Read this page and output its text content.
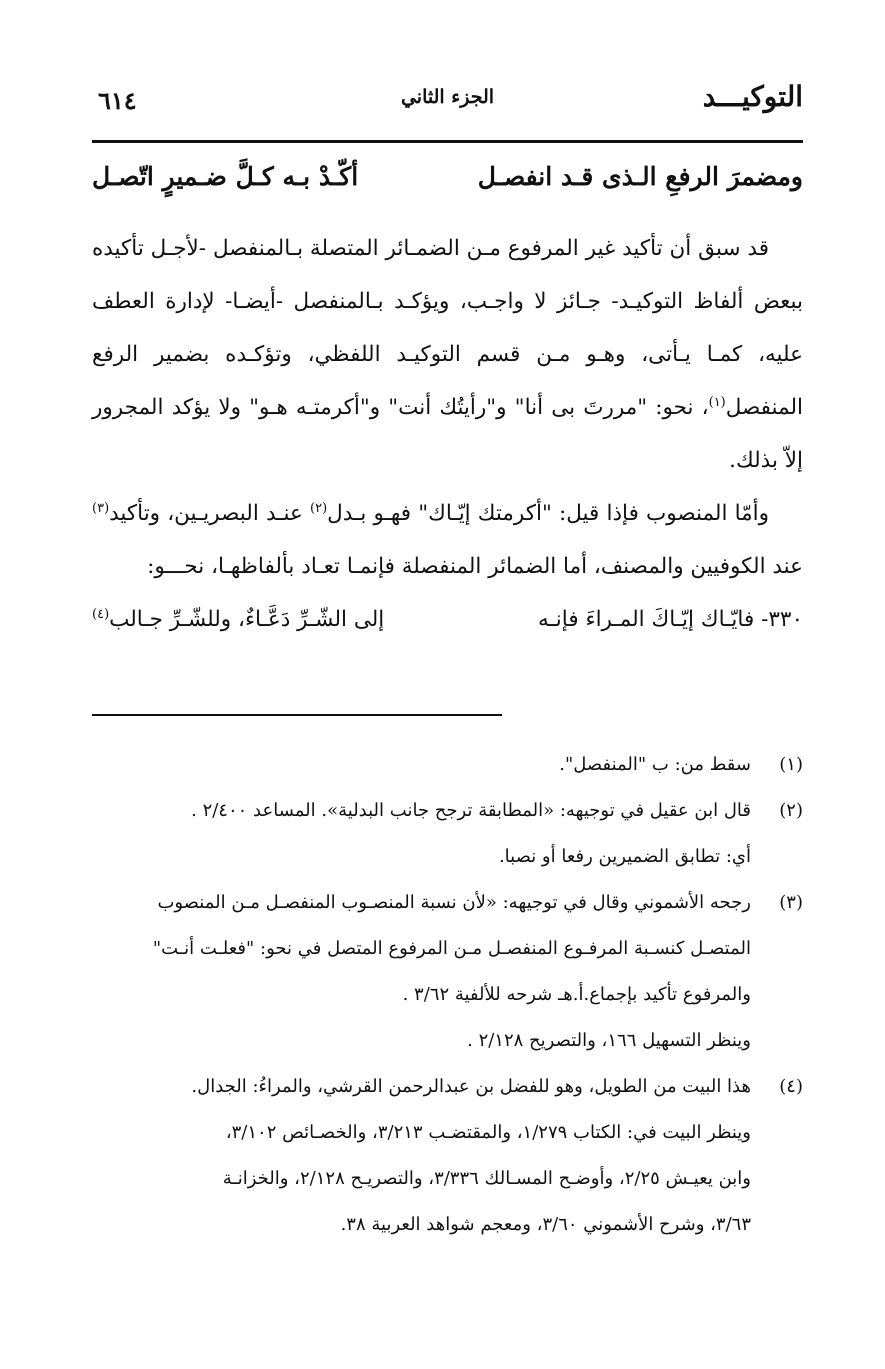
التوكيـــد
الجزء الثاني
٦١٤
ومضمرَ الرفعِ الـذى قـد انفصـل
أكّـدْ بـه كـلَّ ضـميرٍ اتّصـل

قد سبق أن تأكيد غير المرفوع مـن الضمـائر المتصلة بـالمنفصل -لأجـل تأكيده ببعض ألفاظ التوكيـد- جـائز لا واجـب، ويؤكـد بـالمنفصل -أيضـا- لإدارة العطف عليه، كمـا يـأتى، وهـو مـن قسم التوكيـد اللفظي، وتؤكـده بضمير الرفع المنفصل$^{(١)}$، نحو: "مررتَ بى أنا" و"رأيتُك أنت" و"أكرمتـه هـو" ولا يؤكد المجرور إلاّ بذلك.

وأمّا المنصوب فإذا قيل: "أكرمتك إيّـاك" فهـو بـدل$^{(٢)}$ عنـد البصريـين، وتأكيد$^{(٣)}$ عند الكوفيين والمصنف، أما الضمائر المنفصلة فإنمـا تعـاد بألفاظهـا، نحـــو:

٣٣٠- فايّـاك إيّـاكَ المـراءَ فإنـه
إلى الشّـرِّ دَعَّـاءٌ، وللشّـرِّ جـالب$^{(٤)}$

(١)
سقط من: ب "المنفصل".
(٢)
قال ابن عقيل في توجيهه: «المطابقة ترجح جانب البدلية». المساعد ٢/٤٠٠ .
أي: تطابق الضميرين رفعا أو نصبا.
(٣)
رجحه الأشموني وقال في توجيهه: «لأن نسبة المنصـوب المنفصـل مـن المنصوب
المتصـل كنسـبة المرفـوع المنفصـل مـن المرفوع المتصل في نحو: "فعلـت أنـت"
والمرفوع تأكيد بإجماع.أ.هـ شرحه للألفية ٣/٦٢ .
وينظر التسهيل ١٦٦، والتصريح ٢/١٢٨ .
(٤)
هذا البيت من الطويل، وهو للفضل بن عبدالرحمن القرشي، والمراءُ: الجدال.
وينظر البيت في: الكتاب ١/٢٧٩، والمقتضـب ٣/٢١٣، والخصـائص ٣/١٠٢،
وابن يعيـش ٢/٢٥، وأوضـح المسـالك ٣/٣٣٦، والتصريـح ٢/١٢٨، والخزانـة
٣/٦٣، وشرح الأشموني ٣/٦٠، ومعجم شواهد العربية ٣٨.
